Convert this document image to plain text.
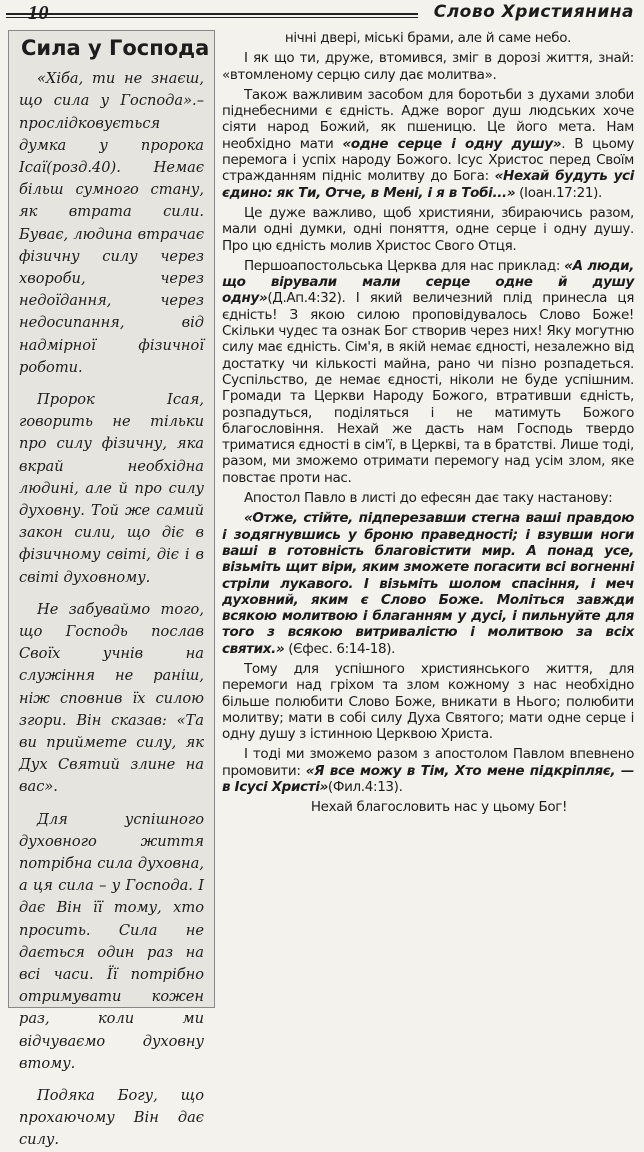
10	Слово Християнина
Сила у Господа

«Хіба, ти не знаєш, що сила у Господа».– прослідковується думка у пророка Ісаї(розд.40). Немає більш сумного стану, як втрата сили. Буває, людина втрачає фізичну силу через хвороби, через недоїдання, через недосипання, від надмірної фізичної роботи.

Пророк Ісая, говорить не тільки про силу фізичну, яка вкрай необхідна людині, але й про силу духовну. Той же самий закон сили, що діє в фізичному світі, діє і в світі духовному.

Не забуваймо того, що Господь послав Своїх учнів на служіння не раніш, ніж сповнив їх силою згори. Він сказав: «Та ви приймете силу, як Дух Святий злине на вас».

Для успішного духовного життя потрібна сила духовна, а ця сила – у Господа. І дає Він її тому, хто просить. Сила не дається один раз на всі часи. Її потрібно отримувати кожен раз, коли ми відчуваємо духовну втому.

Подяка Богу, що прохаючому Він дає силу.

нічні двері, міські брами, але й саме небо.

І як що ти, друже, втомився, зміг в дорозі життя, знай: «втомленому серцю силу дає молитва».

Також важливим засобом для боротьби з духами злоби піднебесними є єдність. Адже ворог душ людських хоче сіяти народ Божий, як пшеницю. Це його мета. Нам необхідно мати «одне серце і одну душу». В цьому перемога і успіх народу Божого. Ісус Христос перед Своїм стражданням підніс молитву до Бога: «Нехай будуть усі єдино: як Ти, Отче, в Мені, і я в Тобі...» (Іоан.17:21).

Це дуже важливо, щоб християни, збираючись разом, мали одні думки, одні поняття, одне серце і одну душу. Про цю єдність молив Христос Свого Отця.

Першоапостольська Церква для нас приклад: «А люди, що вірували мали серце одне й душу одну»(Д.Ап.4:32). І який величезний плід принесла ця єдність! З якою силою проповідувалось Слово Боже! Скільки чудес та ознак Бог створив через них! Яку могутню силу має єдність. Сім'я, в якій немає єдності, незалежно від достатку чи кількості майна, рано чи пізно розпадеться. Суспільство, де немає єдності, ніколи не буде успішним. Громади та Церкви Народу Божого, втративши єдність, розпадуться, поділяться і не матимуть Божого благословіння. Нехай же дасть нам Господь твердо триматися єдності в сім'ї, в Церкві, та в братстві. Лише тоді, разом, ми зможемо отримати перемогу над усім злом, яке повстає проти нас.

Апостол Павло в листі до ефесян дає таку настанову:

«Отже, стійте, підперезавши стегна ваші правдою і зодягнувшись у броню праведності; і взувши ноги ваші в готовність благовістити мир. А понад усе, візьміть щит віри, яким зможете погасити всі вогненні стріли лукавого. І візьміть шолом спасіння, і меч духовний, яким є Слово Боже. Моліться завжди всякою молитвою і благанням у дусі, і пильнуйте для того з всякою витривалістю і молитвою за всіх святих.» (Єфес. 6:14-18).

Тому для успішного християнського життя, для перемоги над гріхом та злом кожному з нас необхідно більше полюбити Слово Боже, вникати в Нього; полюбити молитву; мати в собі силу Духа Святого; мати одне серце і одну душу з істинною Церквою Христа.

І тоді ми зможемо разом з апостолом Павлом впевнено промовити: «Я все можу в Тім, Хто мене підкріпляє, — в Ісусі Христі»(Фил.4:13).

Нехай благословить нас у цьому Бог!
